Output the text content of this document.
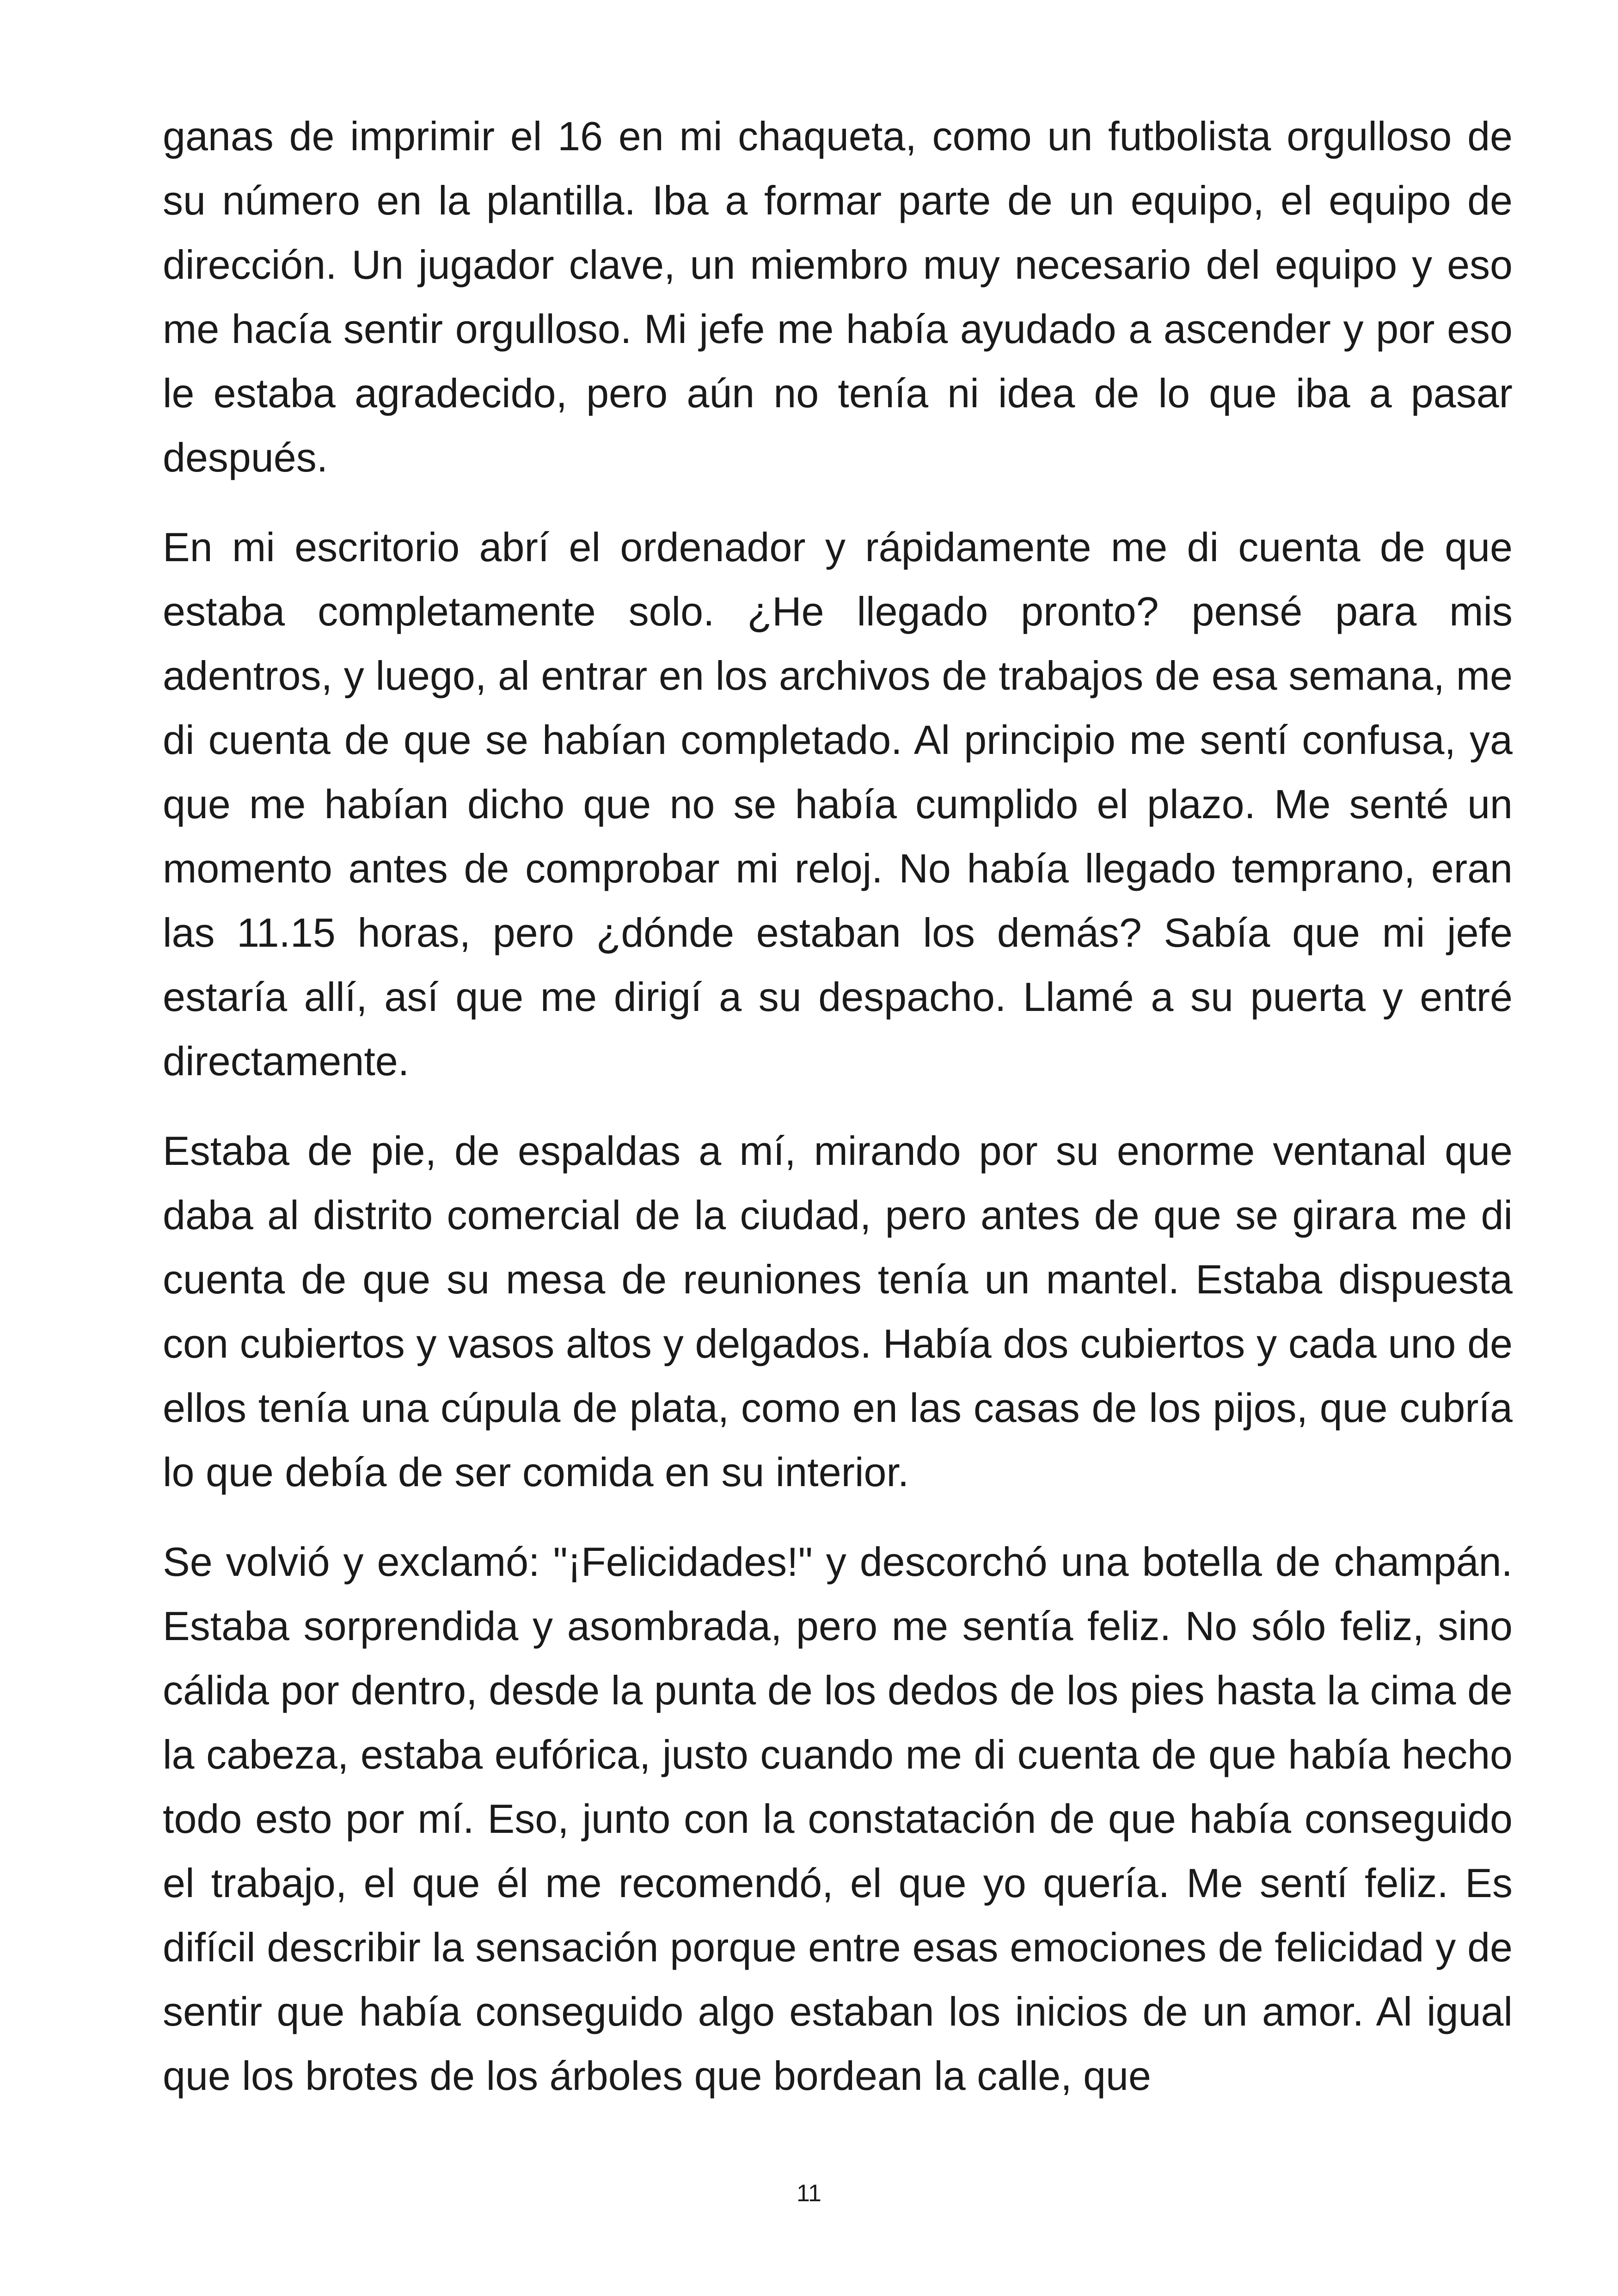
ganas de imprimir el 16 en mi chaqueta, como un futbolista orgulloso de su número en la plantilla. Iba a formar parte de un equipo, el equipo de dirección. Un jugador clave, un miembro muy necesario del equipo y eso me hacía sentir orgulloso. Mi jefe me había ayudado a ascender y por eso le estaba agradecido, pero aún no tenía ni idea de lo que iba a pasar después.

En mi escritorio abrí el ordenador y rápidamente me di cuenta de que estaba completamente solo. ¿He llegado pronto? pensé para mis adentros, y luego, al entrar en los archivos de trabajos de esa semana, me di cuenta de que se habían completado. Al principio me sentí confusa, ya que me habían dicho que no se había cumplido el plazo. Me senté un momento antes de comprobar mi reloj. No había llegado temprano, eran las 11.15 horas, pero ¿dónde estaban los demás? Sabía que mi jefe estaría allí, así que me dirigí a su despacho. Llamé a su puerta y entré directamente.

Estaba de pie, de espaldas a mí, mirando por su enorme ventanal que daba al distrito comercial de la ciudad, pero antes de que se girara me di cuenta de que su mesa de reuniones tenía un mantel. Estaba dispuesta con cubiertos y vasos altos y delgados. Había dos cubiertos y cada uno de ellos tenía una cúpula de plata, como en las casas de los pijos, que cubría lo que debía de ser comida en su interior.

Se volvió y exclamó: "¡Felicidades!" y descorchó una botella de champán. Estaba sorprendida y asombrada, pero me sentía feliz. No sólo feliz, sino cálida por dentro, desde la punta de los dedos de los pies hasta la cima de la cabeza, estaba eufórica, justo cuando me di cuenta de que había hecho todo esto por mí. Eso, junto con la constatación de que había conseguido el trabajo, el que él me recomendó, el que yo quería. Me sentí feliz. Es difícil describir la sensación porque entre esas emociones de felicidad y de sentir que había conseguido algo estaban los inicios de un amor. Al igual que los brotes de los árboles que bordean la calle, que

11
